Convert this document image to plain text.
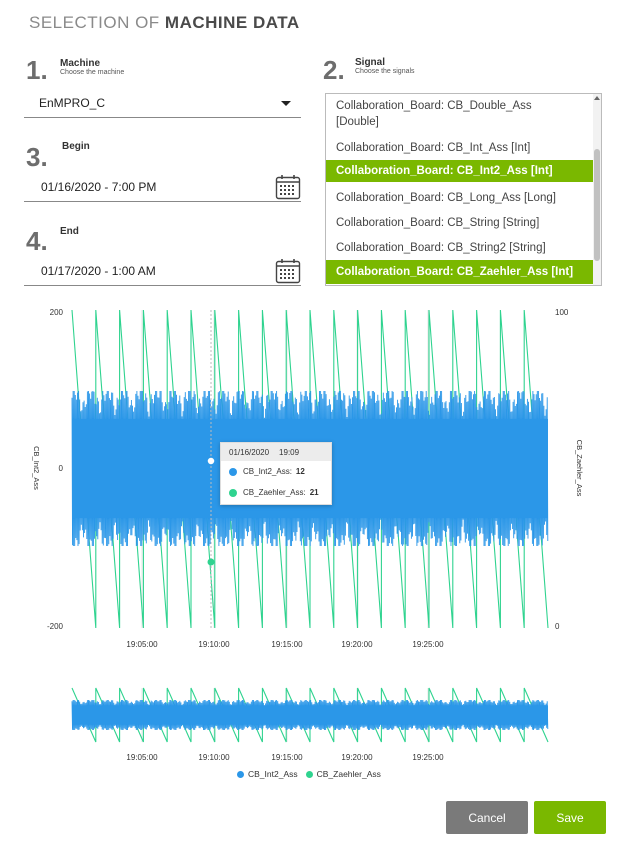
SELECTION OF MACHINE DATA
1. Machine
Choose the machine
EnMPRO_C
2. Signal
Choose the signals
Collaboration_Board: CB_Double_Ass
[Double]
Collaboration_Board: CB_Int_Ass [Int]
Collaboration_Board: CB_Int2_Ass [Int]
Collaboration_Board: CB_Long_Ass [Long]
Collaboration_Board: CB_String [String]
Collaboration_Board: CB_String2 [String]
Collaboration_Board: CB_Zaehler_Ass [Int]
3. Begin
01/16/2020 - 7:00 PM
4. End
01/17/2020 - 1:00 AM
200
0
-200
100
0
CB_Int2_Ass	CB_Zaehler_Ass
19:05:00	19:10:00	19:15:00	19:20:00	19:25:00
01/16/2020 19:09
CB_Int2_Ass: 12
CB_Zaehler_Ass: 21
19:05:00	19:10:00	19:15:00	19:20:00	19:25:00
CB_Int2_Ass CB_Zaehler_Ass
Cancel	Save
